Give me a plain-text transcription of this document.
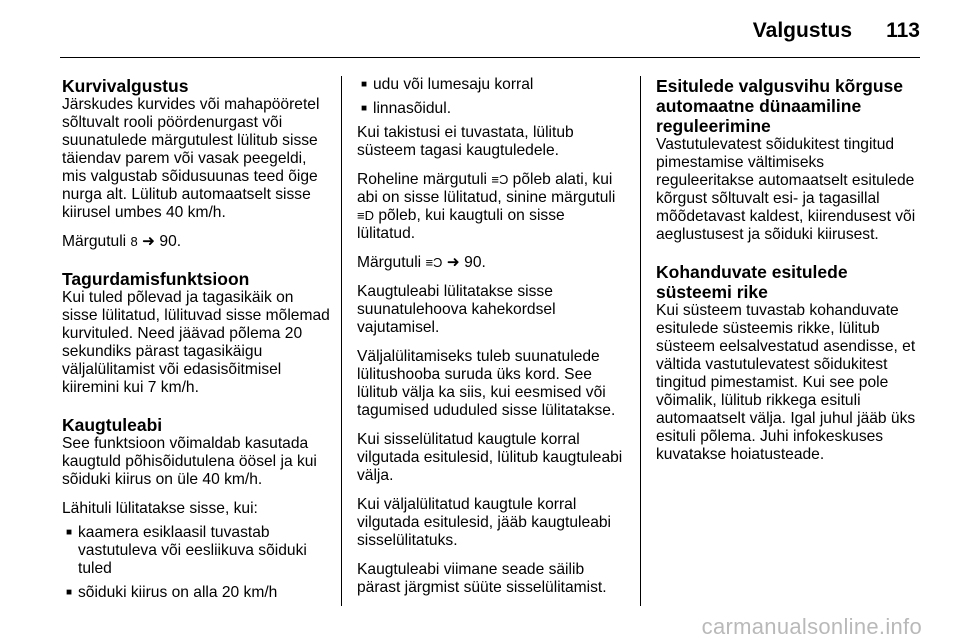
Valgustus 113
Kurvivalgustus

Järskudes kurvides või mahapööretel sõltuvalt rooli pöördenurgast või suunatulede märgutulest lülitub sisse täiendav parem või vasak peegeldi, mis valgustab sõidusuunas teed õige nurga alt. Lülitub automaatselt sisse kiirusel umbes 40 km/h.

Märgutuli 8 ➜ 90.

Tagurdamisfunktsioon

Kui tuled põlevad ja tagasikäik on sisse lülitatud, lülituvad sisse mõlemad kurvituled. Need jäävad põlema 20 sekundiks pärast tagasikäigu väljalülitamist või edasisõitmisel kiiremini kui 7 km/h.

Kaugtuleabi

See funktsioon võimaldab kasutada kaugtuld põhisõidutulena öösel ja kui sõiduki kiirus on üle 40 km/h.

Lähituli lülitatakse sisse, kui:

■ kaamera esiklaasil tuvastab vastutuleva või eesliikuva sõiduki tuled
■ sõiduki kiirus on alla 20 km/h
■ udu või lumesaju korral
■ linnasõidul.

Kui takistusi ei tuvastata, lülitub süsteem tagasi kaugtuledele.

Roheline märgutuli ≡Ɔ põleb alati, kui abi on sisse lülitatud, sinine märgutuli ≡D põleb, kui kaugtuli on sisse lülitatud.

Märgutuli ≡Ɔ ➜ 90.

Kaugtuleabi lülitatakse sisse suunatulehoova kahekordsel vajutamisel.

Väljalülitamiseks tuleb suunatulede lülitushooba suruda üks kord. See lülitub välja ka siis, kui eesmised või tagumised ududuled sisse lülitatakse.

Kui sisselülitatud kaugtule korral vilgutada esitulesid, lülitub kaugtuleabi välja.

Kui väljalülitatud kaugtule korral vilgutada esitulesid, jääb kaugtuleabi sisselülitatuks.

Kaugtuleabi viimane seade säilib pärast järgmist süüte sisselülitamist.

Esitulede valgusvihu kõrguse automaatne dünaamiline reguleerimine

Vastutulevatest sõidukitest tingitud pimestamise vältimiseks reguleeritakse automaatselt esitulede kõrgust sõltuvalt esi- ja tagasillal mõõdetavast kaldest, kiirendusest või aeglustusest ja sõiduki kiirusest.

Kohanduvate esitulede süsteemi rike

Kui süsteem tuvastab kohanduvate esitulede süsteemis rikke, lülitub süsteem eelsalvestatud asendisse, et vältida vastutulevatest sõidukitest tingitud pimestamist. Kui see pole võimalik, lülitub rikkega esituli automaatselt välja. Igal juhul jääb üks esituli põlema. Juhi infokeskuses kuvatakse hoiatusteade.

carmanualsonline.info
